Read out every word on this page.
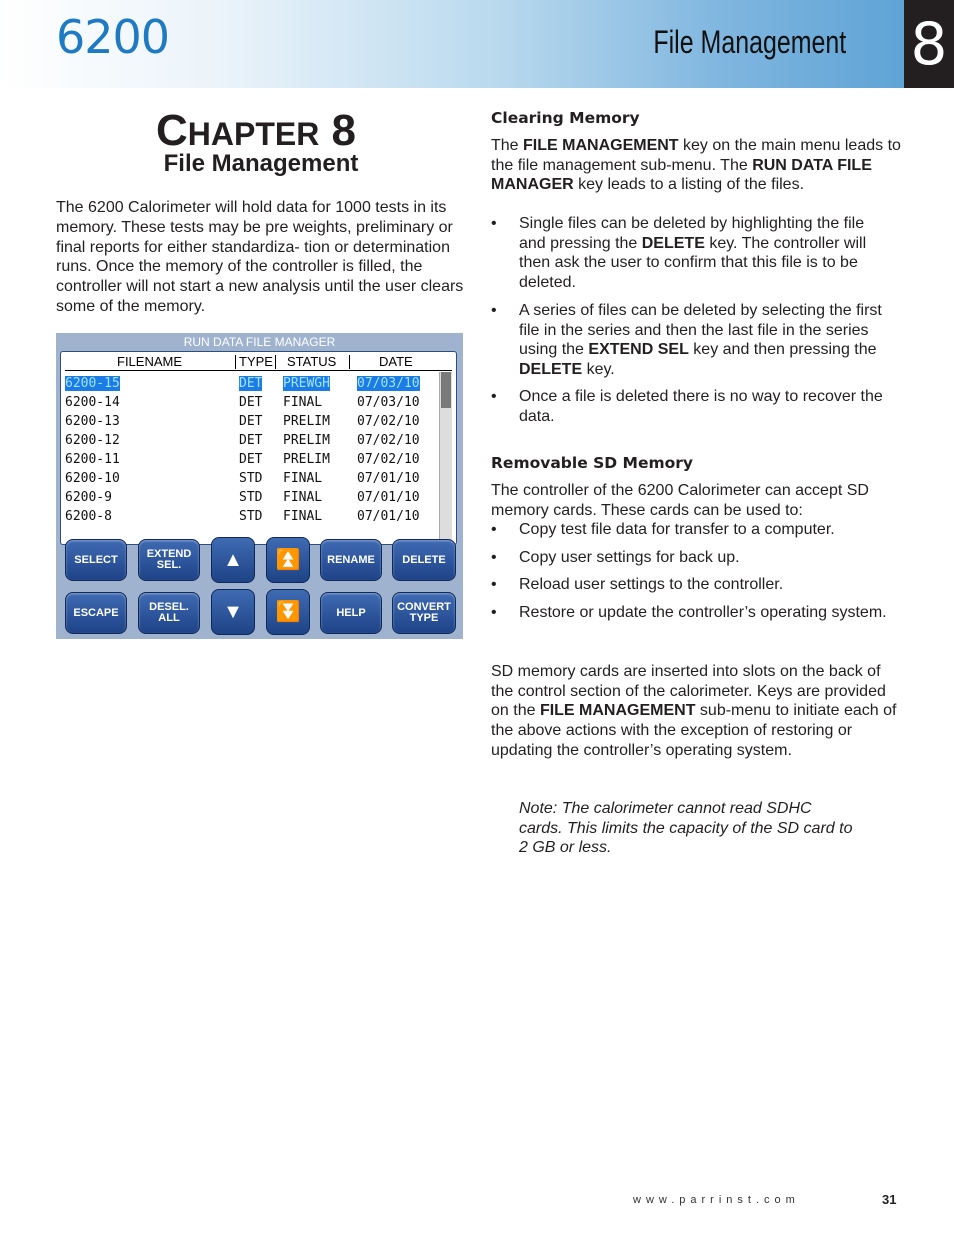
6200	File Management 8
CHAPTER 8
File Management

The 6200 Calorimeter will hold data for 1000 tests in its memory. These tests may be pre weights, preliminary or final reports for either standardiza- tion or determination runs. Once the memory of the controller is filled, the controller will not start a new analysis until the user clears some of the memory.

RUN DATA FILE MANAGER
FILENAME	TYPE STATUS	DATE
6200-15	DET PREWGH 07/03/10
6200-14	DET FINAL	07/03/10
6200-13	DET PRELIM 07/02/10
6200-12	DET PRELIM 07/02/10
6200-11	DET PRELIM 07/02/10
6200-10	STD FINAL	07/01/10
6200-9	STD FINAL	07/01/10
6200-8	STD FINAL	07/01/10
SELECT	EXTEND
SEL.	▲	⏫	RENAME DELETE
ESCAPE	DESEL.
ALL	▼	⏬	HELP	CONVERT
TYPE
Clearing Memory

The FILE MANAGEMENT key on the main menu leads to the file management sub-menu. The RUN DATA FILE MANAGER key leads to a listing of the files.

• Single files can be deleted by highlighting the file and pressing the DELETE key. The controller will then ask the user to confirm that this file is to be deleted.
• A series of files can be deleted by selecting the first file in the series and then the last file in the series using the EXTEND SEL key and then pressing the DELETE key.
• Once a file is deleted there is no way to recover the data.
Removable SD Memory

The controller of the 6200 Calorimeter can accept SD memory cards. These cards can be used to:

• Copy test file data for transfer to a computer.
• Copy user settings for back up.
• Reload user settings to the controller.
• Restore or update the controller’s operating system.

SD memory cards are inserted into slots on the back of the control section of the calorimeter. Keys are provided on the FILE MANAGEMENT sub-menu to initiate each of the above actions with the exception of restoring or updating the controller’s operating system.

Note: The calorimeter cannot read SDHC cards. This limits the capacity of the SD card to 2 GB or less.
www.parrinst.com	31
